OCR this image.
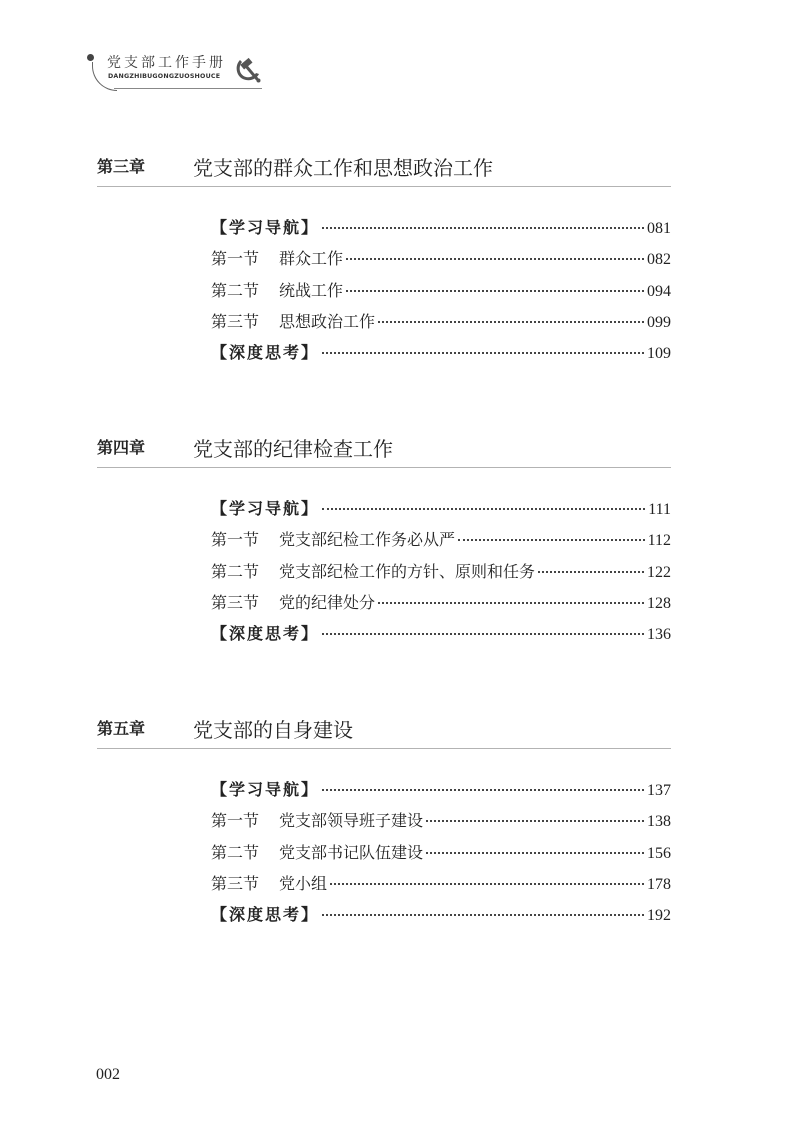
党支部工作手册
DANGZHIBUGONGZUOSHOUCE
第三章 党支部的群众工作和思想政治工作
【学习导航】	081
第一节 群众工作	082
第二节 统战工作	094
第三节 思想政治工作	099
【深度思考】	109
第四章 党支部的纪律检查工作
【学习导航】	111
第一节 党支部纪检工作务必从严	112
第二节 党支部纪检工作的方针、原则和任务	122
第三节 党的纪律处分	128
【深度思考】	136
第五章 党支部的自身建设
【学习导航】	137
第一节 党支部领导班子建设	138
第二节 党支部书记队伍建设	156
第三节 党小组	178
【深度思考】	192
002
